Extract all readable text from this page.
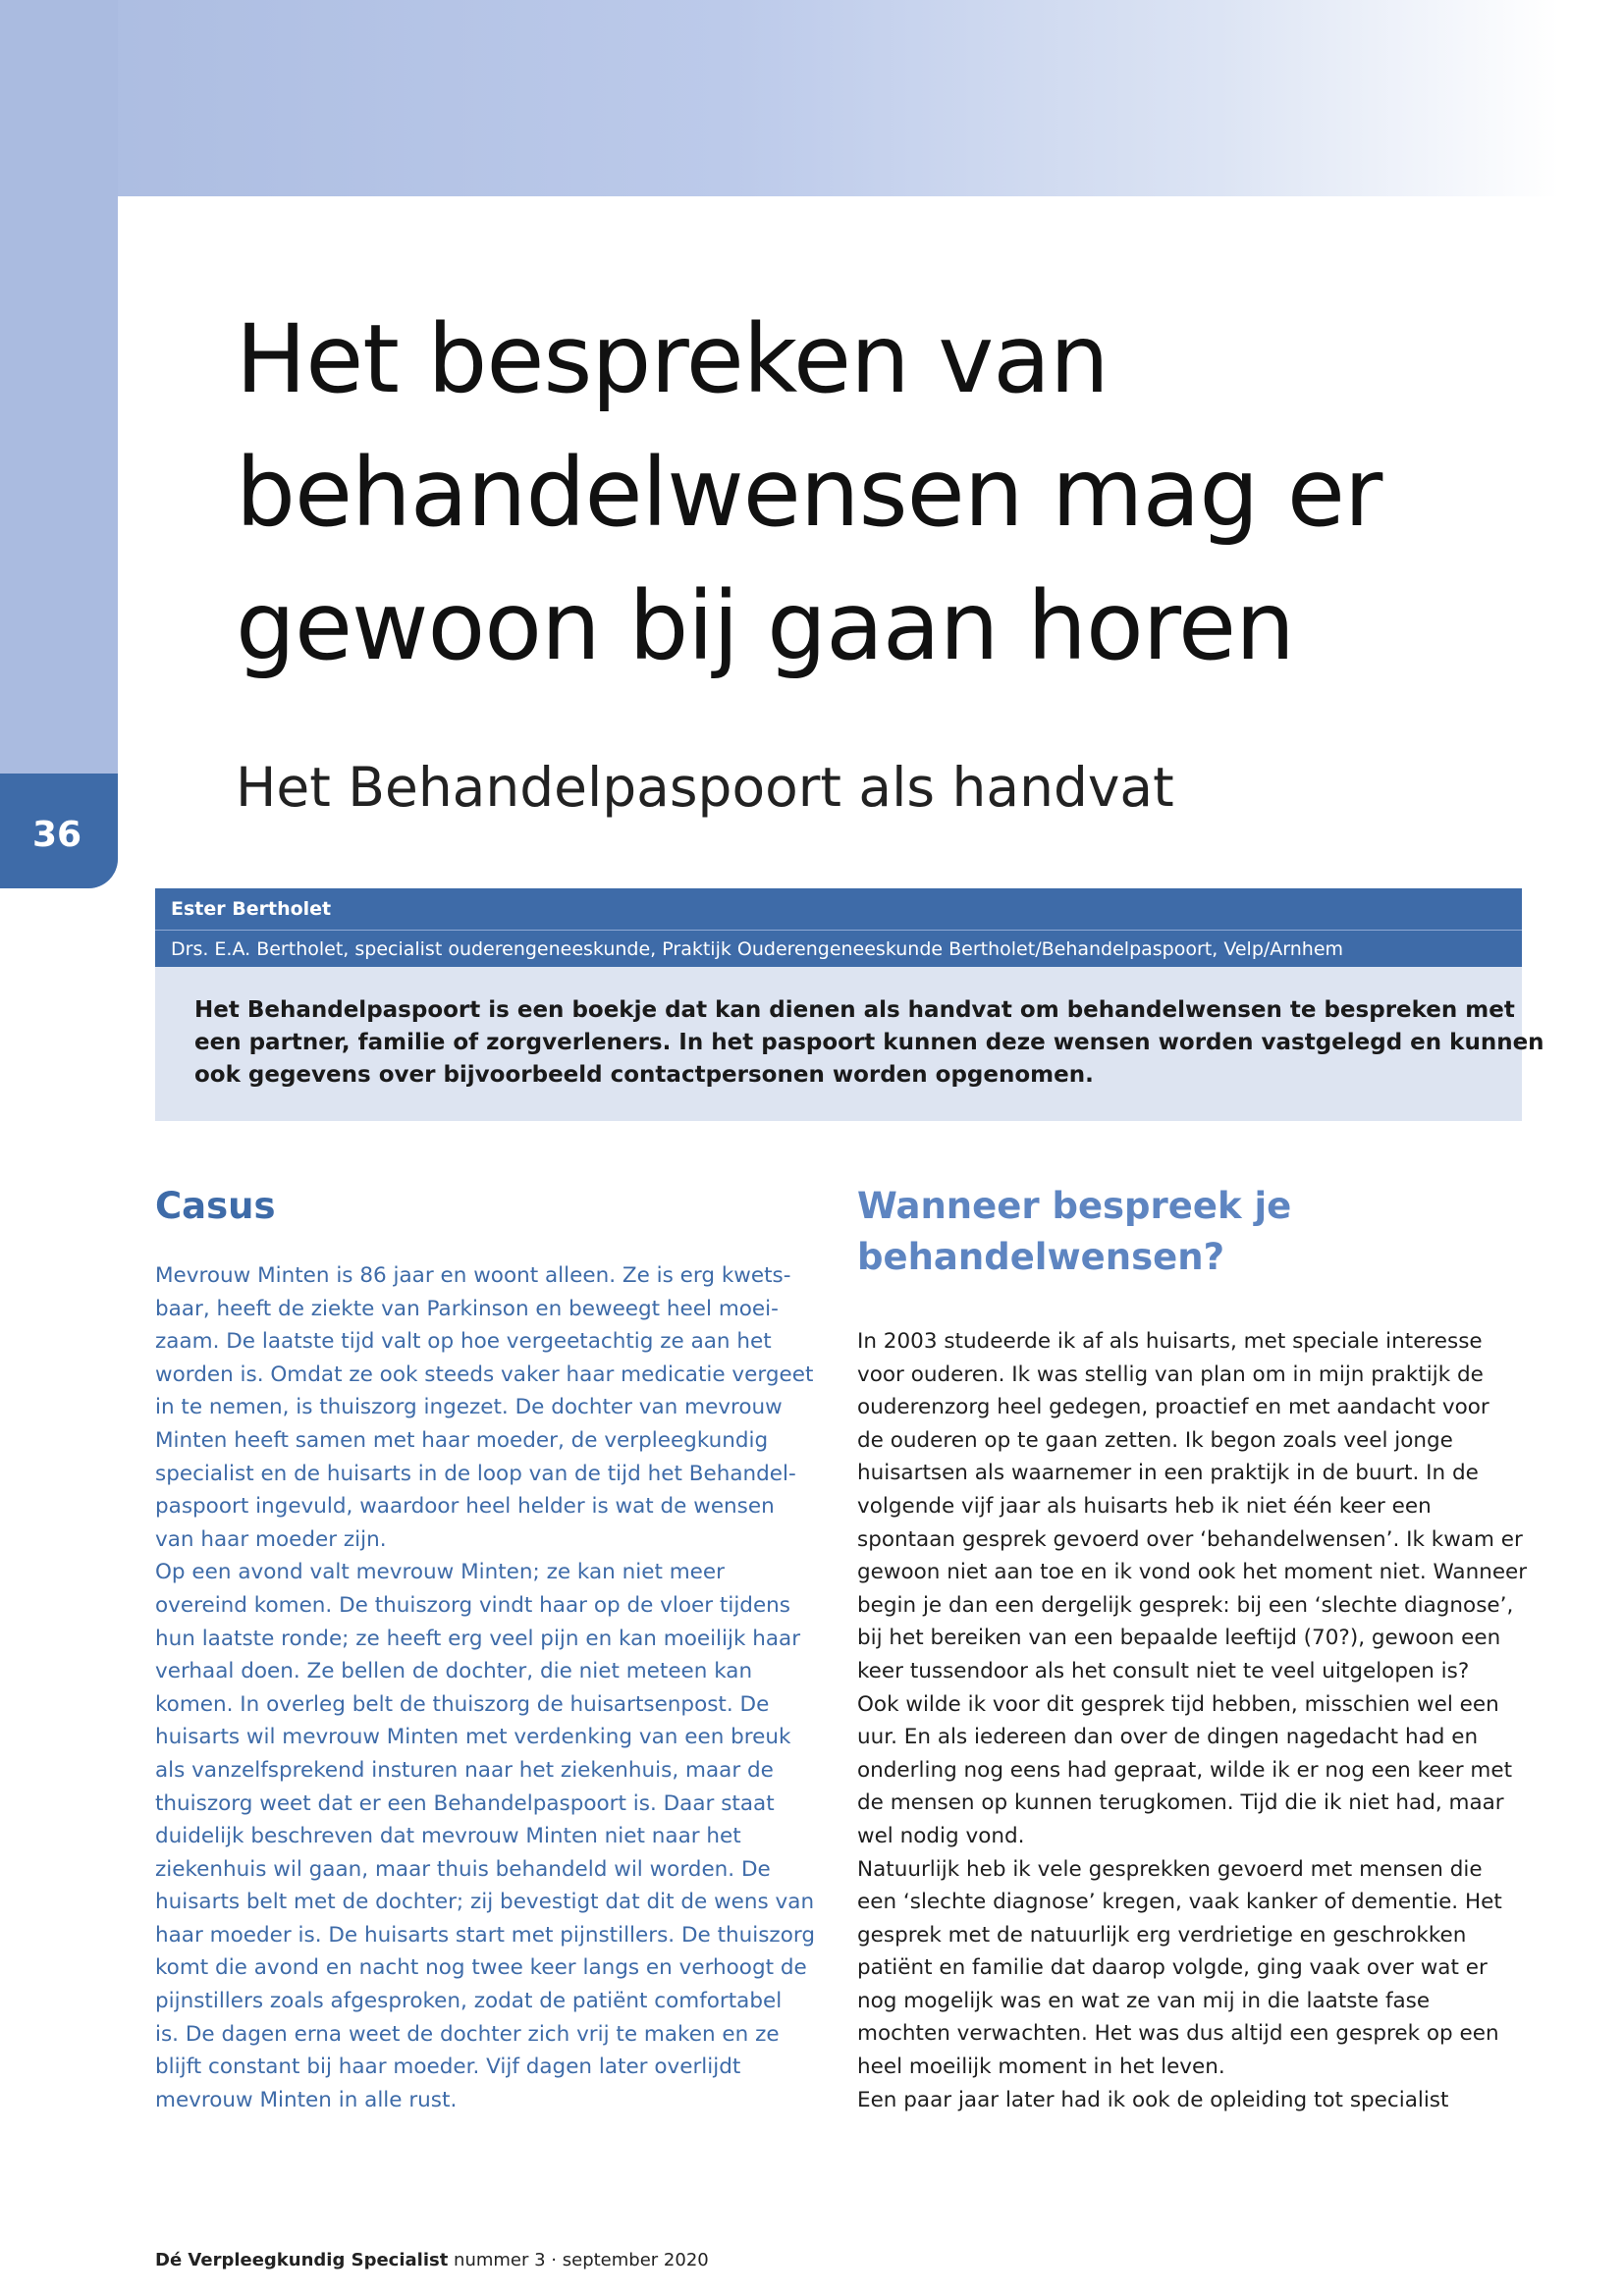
36
Het bespreken van
behandelwensen mag er
gewoon bij gaan horen
Het Behandelpaspoort als handvat
Ester Bertholet
Drs. E.A. Bertholet, specialist ouderengeneeskunde, Praktijk Ouderengeneeskunde Bertholet/Behandelpaspoort, Velp/Arnhem

Het Behandelpaspoort is een boekje dat kan dienen als handvat om behandelwensen te bespreken met
een partner, familie of zorgverleners. In het paspoort kunnen deze wensen worden vastgelegd en kunnen
ook gegevens over bijvoorbeeld contactpersonen worden opgenomen.

Casus	Wanneer bespreek je behandelwensen?
Mevrouw Minten is 86 jaar en woont alleen. Ze is erg kwets-
baar, heeft de ziekte van Parkinson en beweegt heel moei-
zaam. De laatste tijd valt op hoe vergeetachtig ze aan het
worden is. Omdat ze ook steeds vaker haar medicatie vergeet
in te nemen, is thuiszorg ingezet. De dochter van mevrouw
Minten heeft samen met haar moeder, de verpleegkundig
specialist en de huisarts in de loop van de tijd het Behandel-
paspoort ingevuld, waardoor heel helder is wat de wensen
van haar moeder zijn.
Op een avond valt mevrouw Minten; ze kan niet meer
overeind komen. De thuiszorg vindt haar op de vloer tijdens
hun laatste ronde; ze heeft erg veel pijn en kan moeilijk haar
verhaal doen. Ze bellen de dochter, die niet meteen kan
komen. In overleg belt de thuiszorg de huisartsenpost. De
huisarts wil mevrouw Minten met verdenking van een breuk
als vanzelfsprekend insturen naar het ziekenhuis, maar de
thuiszorg weet dat er een Behandelpaspoort is. Daar staat
duidelijk beschreven dat mevrouw Minten niet naar het
ziekenhuis wil gaan, maar thuis behandeld wil worden. De
huisarts belt met de dochter; zij bevestigt dat dit de wens van
haar moeder is. De huisarts start met pijnstillers. De thuiszorg
komt die avond en nacht nog twee keer langs en verhoogt de
pijnstillers zoals afgesproken, zodat de patiënt comfortabel
is. De dagen erna weet de dochter zich vrij te maken en ze
blijft constant bij haar moeder. Vijf dagen later overlijdt
mevrouw Minten in alle rust.
In 2003 studeerde ik af als huisarts, met speciale interesse
voor ouderen. Ik was stellig van plan om in mijn praktijk de
ouderenzorg heel gedegen, proactief en met aandacht voor
de ouderen op te gaan zetten. Ik begon zoals veel jonge
huisartsen als waarnemer in een praktijk in de buurt. In de
volgende vijf jaar als huisarts heb ik niet één keer een
spontaan gesprek gevoerd over ‘behandelwensen’. Ik kwam er
gewoon niet aan toe en ik vond ook het moment niet. Wanneer
begin je dan een dergelijk gesprek: bij een ‘slechte diagnose’,
bij het bereiken van een bepaalde leeftijd (70?), gewoon een
keer tussendoor als het consult niet te veel uitgelopen is?
Ook wilde ik voor dit gesprek tijd hebben, misschien wel een
uur. En als iedereen dan over de dingen nagedacht had en
onderling nog eens had gepraat, wilde ik er nog een keer met
de mensen op kunnen terugkomen. Tijd die ik niet had, maar
wel nodig vond.
Natuurlijk heb ik vele gesprekken gevoerd met mensen die
een ‘slechte diagnose’ kregen, vaak kanker of dementie. Het
gesprek met de natuurlijk erg verdrietige en geschrokken
patiënt en familie dat daarop volgde, ging vaak over wat er
nog mogelijk was en wat ze van mij in die laatste fase
mochten verwachten. Het was dus altijd een gesprek op een
heel moeilijk moment in het leven.
Een paar jaar later had ik ook de opleiding tot specialist
Dé Verpleegkundig Specialist nummer 3 · september 2020
